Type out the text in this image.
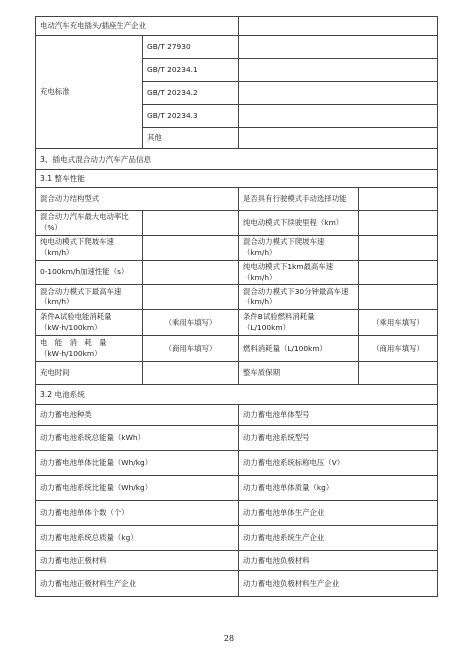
电动汽车充电插头/插座生产企业			
充电标准	GB/T 27930		
	GB/T 20234.1		
	GB/T 20234.2		
	GB/T 20234.3		
	其他		
3、插电式混合动力汽车产品信息			
3.1 整车性能			
混合动力结构型式		是否具有行驶模式手动选择功能	
混合动力汽车最大电动率比（%）		纯电动模式下续驶里程（km）	
纯电动模式下爬坡车速（km/h）		混合动力模式下爬坡车速（km/h）	
0-100km/h加速性能（s）		纯电动模式下1km最高车速（km/h）	
混合动力模式下最高车速（km/h）		混合动力模式下30分钟最高车速（km/h）	
条件A试验电能消耗量（kW·h/100km）	（乘用车填写）	条件B试验燃料消耗量（L/100km）	（乘用车填写）
电　能　消　耗　量（kW·h/100km）	（商用车填写）	燃料消耗量（L/100km）	（商用车填写）
充电时间		整车质保期	
3.2 电池系统			
动力蓄电池种类		动力蓄电池单体型号	
动力蓄电池系统总能量（kWh）		动力蓄电池系统型号	
动力蓄电池单体比能量（Wh/kg）		动力蓄电池系统标称电压（V）	
动力蓄电池系统比能量（Wh/kg）		动力蓄电池单体质量（kg）	
动力蓄电池单体个数（个）		动力蓄电池单体生产企业	
动力蓄电池系统总质量（kg）		动力蓄电池系统生产企业	
动力蓄电池正极材料		动力蓄电池负极材料	
动力蓄电池正极材料生产企业		动力蓄电池负极材料生产企业	
28
